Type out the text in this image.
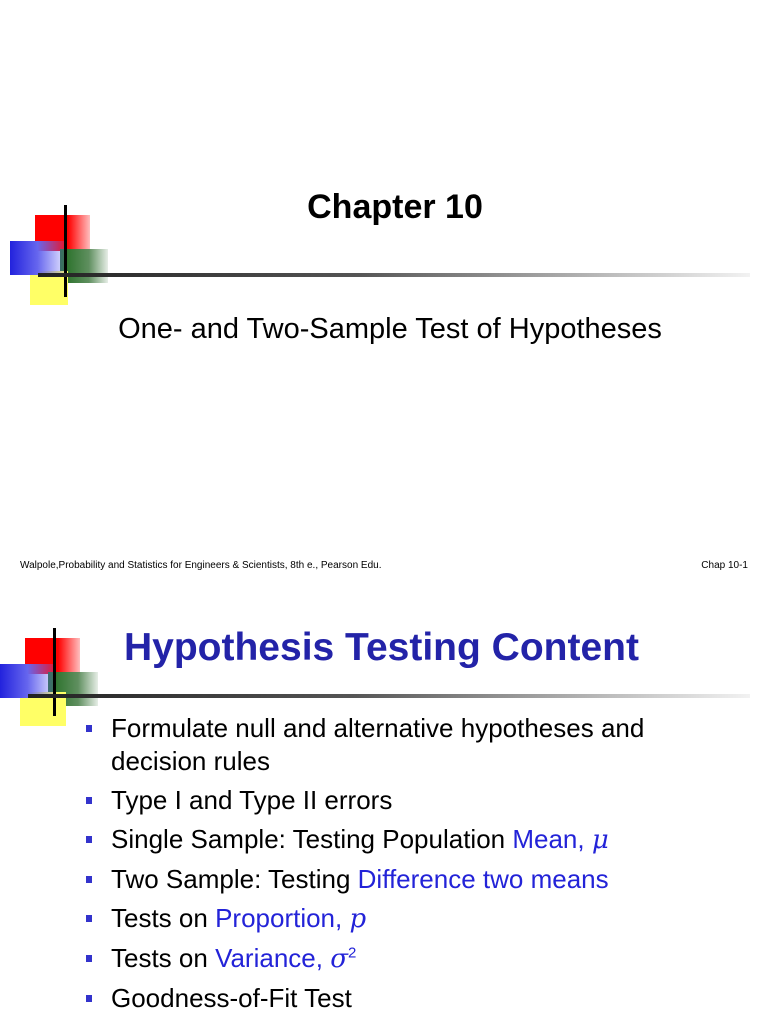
Chapter 10
One- and Two-Sample Test of Hypotheses
Walpole,Probability and Statistics for Engineers & Scientists, 8th e., Pearson Edu.	Chap 10-1
Hypothesis Testing Content
Formulate null and alternative hypotheses and decision rules
Type I and Type II errors
Single Sample: Testing Population Mean, μ
Two Sample: Testing Difference two means
Tests on Proportion, p
Tests on Variance, $\sigma^2$
Goodness-of-Fit Test
